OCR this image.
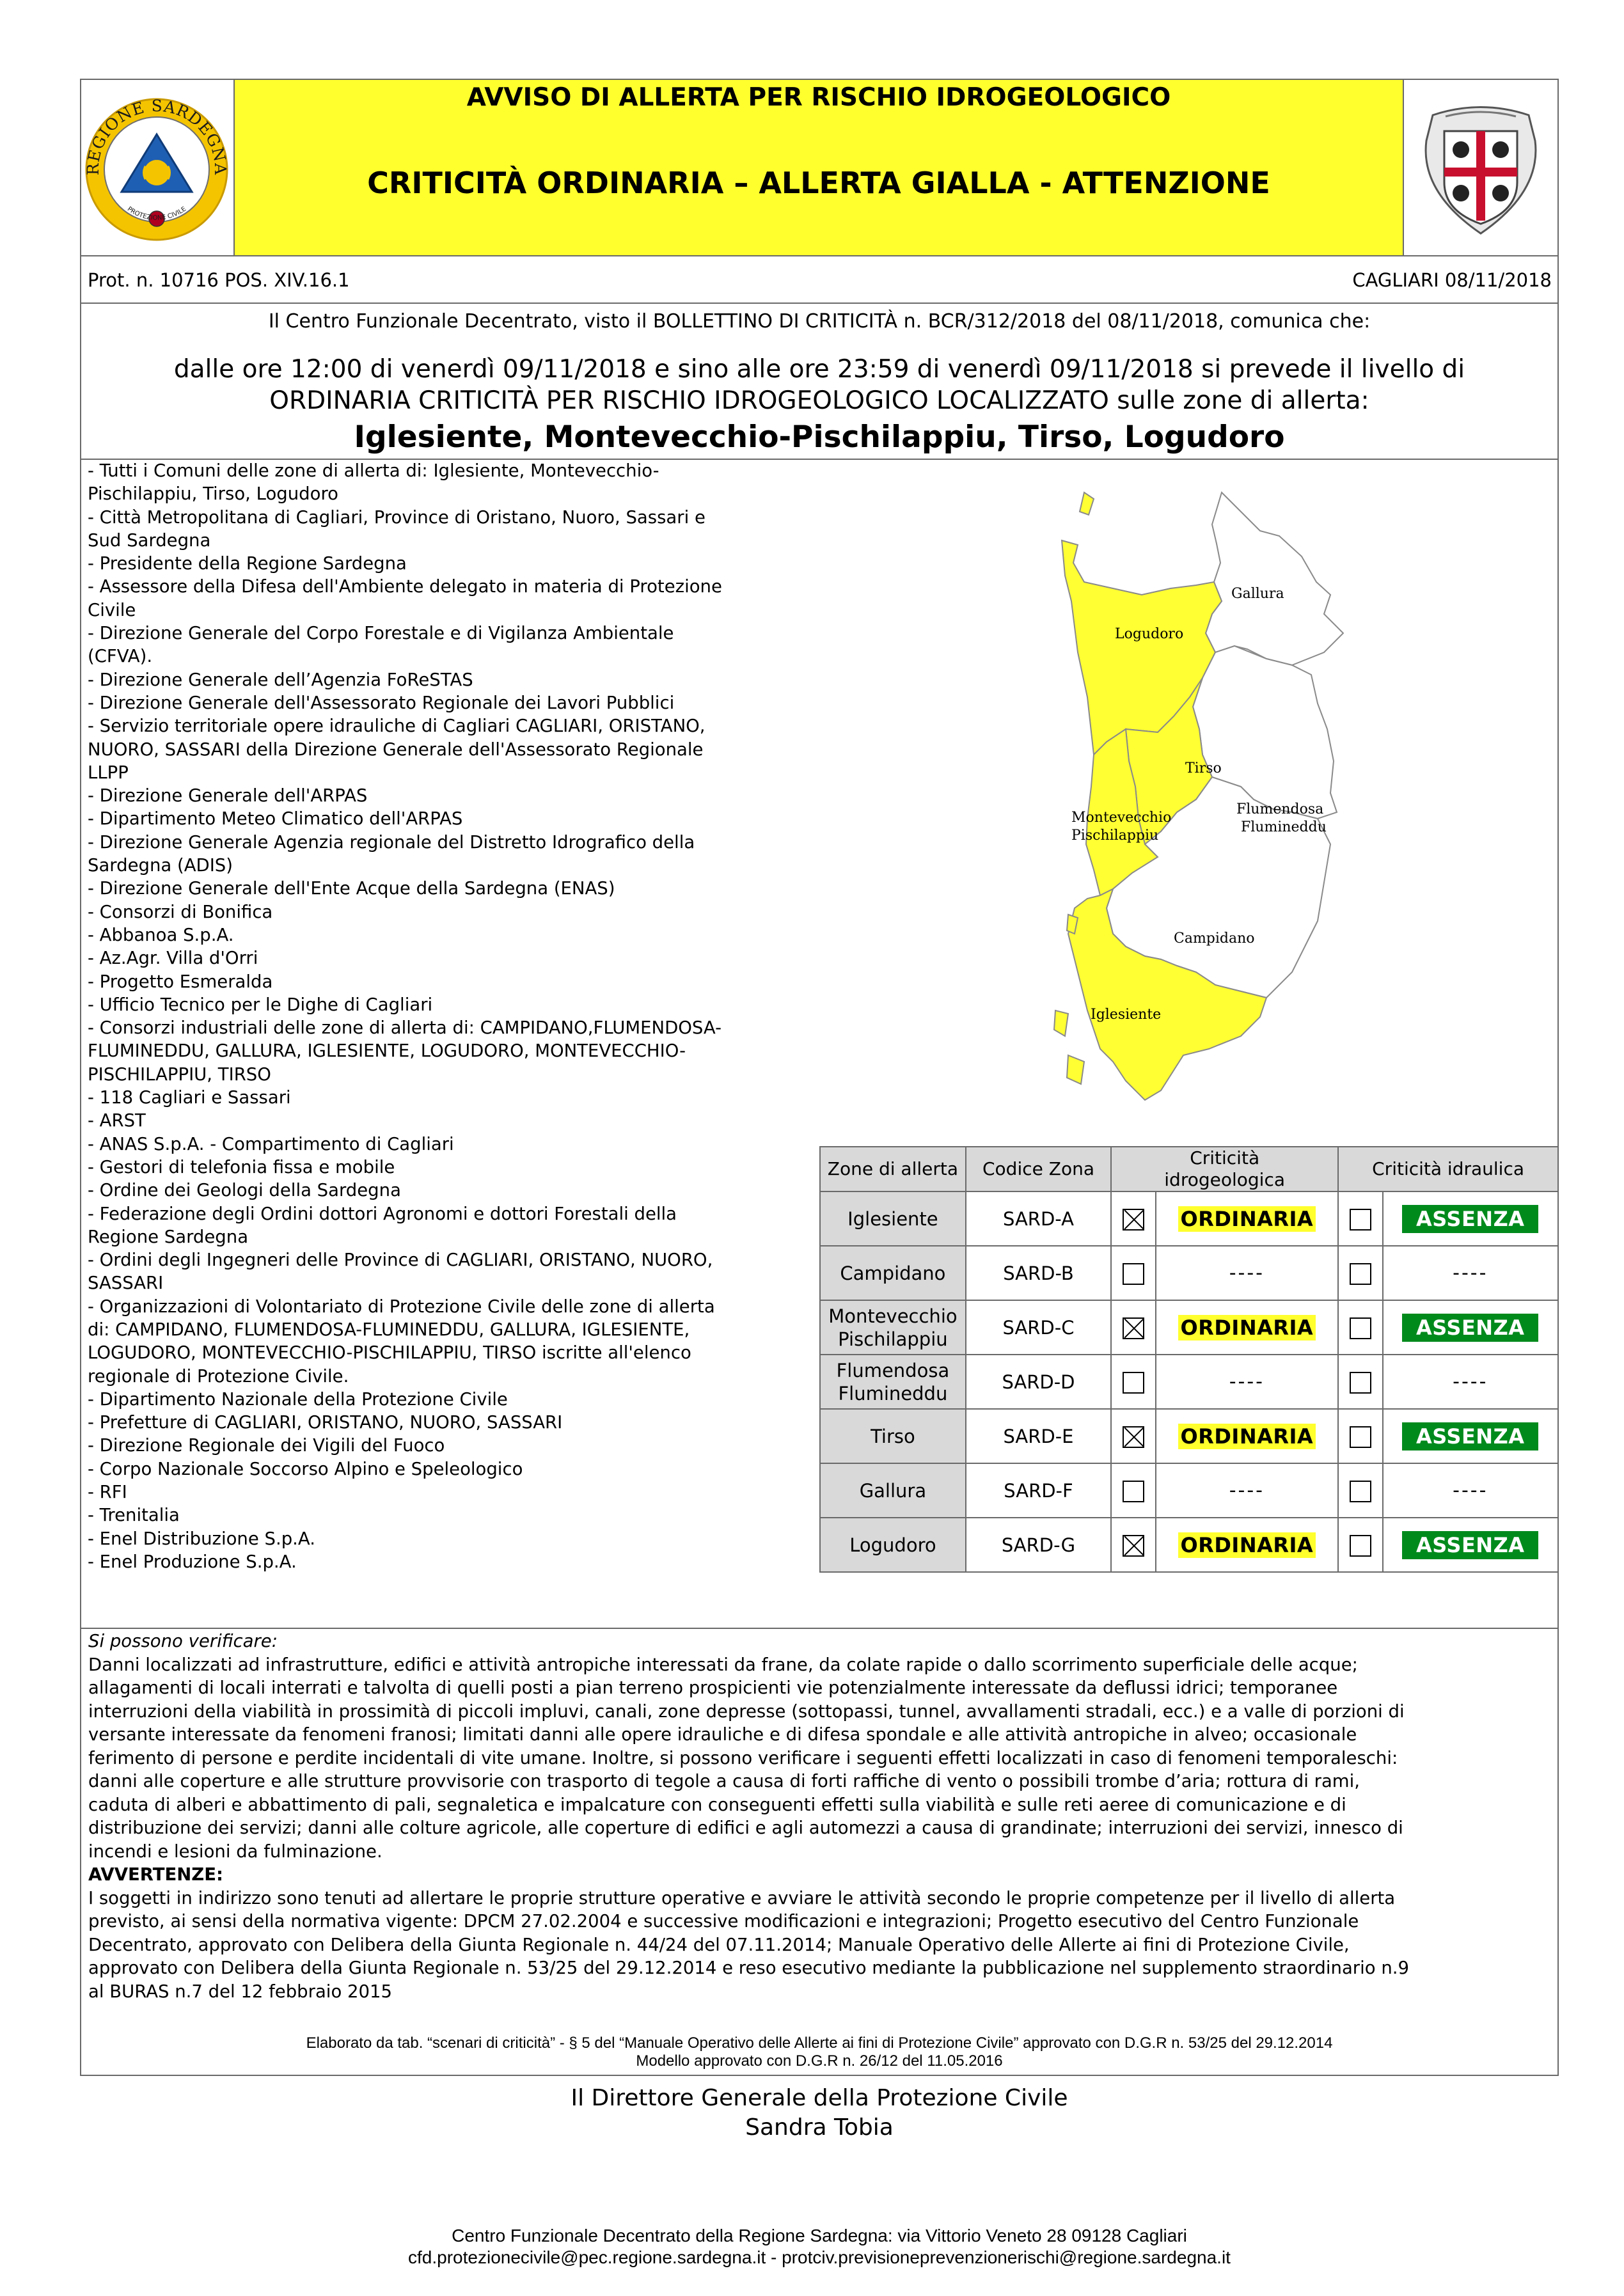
REGIONE SARDEGNA
PROTEZIONE CIVILE
AVVISO DI ALLERTA PER RISCHIO IDROGEOLOGICO
CRITICITÀ ORDINARIA – ALLERTA GIALLA - ATTENZIONE
Prot. n. 10716 POS. XIV.16.1	CAGLIARI 08/11/2018
Il Centro Funzionale Decentrato, visto il BOLLETTINO DI CRITICITÀ n. BCR/312/2018 del 08/11/2018, comunica che:
dalle ore 12:00 di venerdì 09/11/2018 e sino alle ore 23:59 di venerdì 09/11/2018 si prevede il livello di
ORDINARIA CRITICITÀ PER RISCHIO IDROGEOLOGICO LOCALIZZATO sulle zone di allerta:
Iglesiente, Montevecchio-Pischilappiu, Tirso, Logudoro
- Tutti i Comuni delle zone di allerta di: Iglesiente, Montevecchio-
Pischilappiu, Tirso, Logudoro
- Città Metropolitana di Cagliari, Province di Oristano, Nuoro, Sassari e
Sud Sardegna
- Presidente della Regione Sardegna
- Assessore della Difesa dell'Ambiente delegato in materia di Protezione
Civile
- Direzione Generale del Corpo Forestale e di Vigilanza Ambientale
(CFVA).
- Direzione Generale dell’Agenzia FoReSTAS
- Direzione Generale dell'Assessorato Regionale dei Lavori Pubblici
- Servizio territoriale opere idrauliche di Cagliari CAGLIARI, ORISTANO,
NUORO, SASSARI della Direzione Generale dell'Assessorato Regionale
LLPP
- Direzione Generale dell'ARPAS
- Dipartimento Meteo Climatico dell'ARPAS
- Direzione Generale Agenzia regionale del Distretto Idrografico della
Sardegna (ADIS)
- Direzione Generale dell'Ente Acque della Sardegna (ENAS)
- Consorzi di Bonifica
- Abbanoa S.p.A.
- Az.Agr. Villa d'Orri
- Progetto Esmeralda
- Ufficio Tecnico per le Dighe di Cagliari
- Consorzi industriali delle zone di allerta di: CAMPIDANO,FLUMENDOSA-
FLUMINEDDU, GALLURA, IGLESIENTE, LOGUDORO, MONTEVECCHIO-
PISCHILAPPIU, TIRSO
- 118 Cagliari e Sassari
- ARST
- ANAS S.p.A. - Compartimento di Cagliari
- Gestori di telefonia fissa e mobile
- Ordine dei Geologi della Sardegna
- Federazione degli Ordini dottori Agronomi e dottori Forestali della
Regione Sardegna
- Ordini degli Ingegneri delle Province di CAGLIARI, ORISTANO, NUORO,
SASSARI
- Organizzazioni di Volontariato di Protezione Civile delle zone di allerta
di: CAMPIDANO, FLUMENDOSA-FLUMINEDDU, GALLURA, IGLESIENTE,
LOGUDORO, MONTEVECCHIO-PISCHILAPPIU, TIRSO iscritte all'elenco
regionale di Protezione Civile.
- Dipartimento Nazionale della Protezione Civile
- Prefetture di CAGLIARI, ORISTANO, NUORO, SASSARI
- Direzione Regionale dei Vigili del Fuoco
- Corpo Nazionale Soccorso Alpino e Speleologico
- RFI
- Trenitalia
- Enel Distribuzione S.p.A.
- Enel Produzione S.p.A.
Gallura
Logudoro
Tirso
Montevecchio
Pischilappiu
Flumendosa
Flumineddu
Campidano
Iglesiente
Zone di allerta	Codice Zona	Criticità
idrogeologica		Criticità idraulica	
Iglesiente	SARD-A		ORDINARIA		ASSENZA
Campidano	SARD-B		----		----
Montevecchio
Pischilappiu	SARD-C		ORDINARIA		ASSENZA
Flumendosa
Flumineddu	SARD-D		----		----
Tirso	SARD-E		ORDINARIA		ASSENZA
Gallura	SARD-F		----		----
Logudoro	SARD-G		ORDINARIA		ASSENZA
Si possono verificare:
Danni localizzati ad infrastrutture, edifici e attività antropiche interessati da frane, da colate rapide o dallo scorrimento superficiale delle acque;
allagamenti di locali interrati e talvolta di quelli posti a pian terreno prospicienti vie potenzialmente interessate da deflussi idrici; temporanee
interruzioni della viabilità in prossimità di piccoli impluvi, canali, zone depresse (sottopassi, tunnel, avvallamenti stradali, ecc.) e a valle di porzioni di
versante interessate da fenomeni franosi; limitati danni alle opere idrauliche e di difesa spondale e alle attività antropiche in alveo; occasionale
ferimento di persone e perdite incidentali di vite umane. Inoltre, si possono verificare i seguenti effetti localizzati in caso di fenomeni temporaleschi:
danni alle coperture e alle strutture provvisorie con trasporto di tegole a causa di forti raffiche di vento o possibili trombe d’aria; rottura di rami,
caduta di alberi e abbattimento di pali, segnaletica e impalcature con conseguenti effetti sulla viabilità e sulle reti aeree di comunicazione e di
distribuzione dei servizi; danni alle colture agricole, alle coperture di edifici e agli automezzi a causa di grandinate; interruzioni dei servizi, innesco di
incendi e lesioni da fulminazione.
AVVERTENZE:
I soggetti in indirizzo sono tenuti ad allertare le proprie strutture operative e avviare le attività secondo le proprie competenze per il livello di allerta
previsto, ai sensi della normativa vigente: DPCM 27.02.2004 e successive modificazioni e integrazioni; Progetto esecutivo del Centro Funzionale
Decentrato, approvato con Delibera della Giunta Regionale n. 44/24 del 07.11.2014; Manuale Operativo delle Allerte ai fini di Protezione Civile,
approvato con Delibera della Giunta Regionale n. 53/25 del 29.12.2014 e reso esecutivo mediante la pubblicazione nel supplemento straordinario n.9
al BURAS n.7 del 12 febbraio 2015
Elaborato da tab. “scenari di criticità” - § 5 del “Manuale Operativo delle Allerte ai fini di Protezione Civile” approvato con D.G.R n. 53/25 del 29.12.2014
Modello approvato con D.G.R n. 26/12 del 11.05.2016
Il Direttore Generale della Protezione Civile
Sandra Tobia
Centro Funzionale Decentrato della Regione Sardegna: via Vittorio Veneto 28 09128 Cagliari
cfd.protezionecivile@pec.regione.sardegna.it - protciv.previsioneprevenzionerischi@regione.sardegna.it
